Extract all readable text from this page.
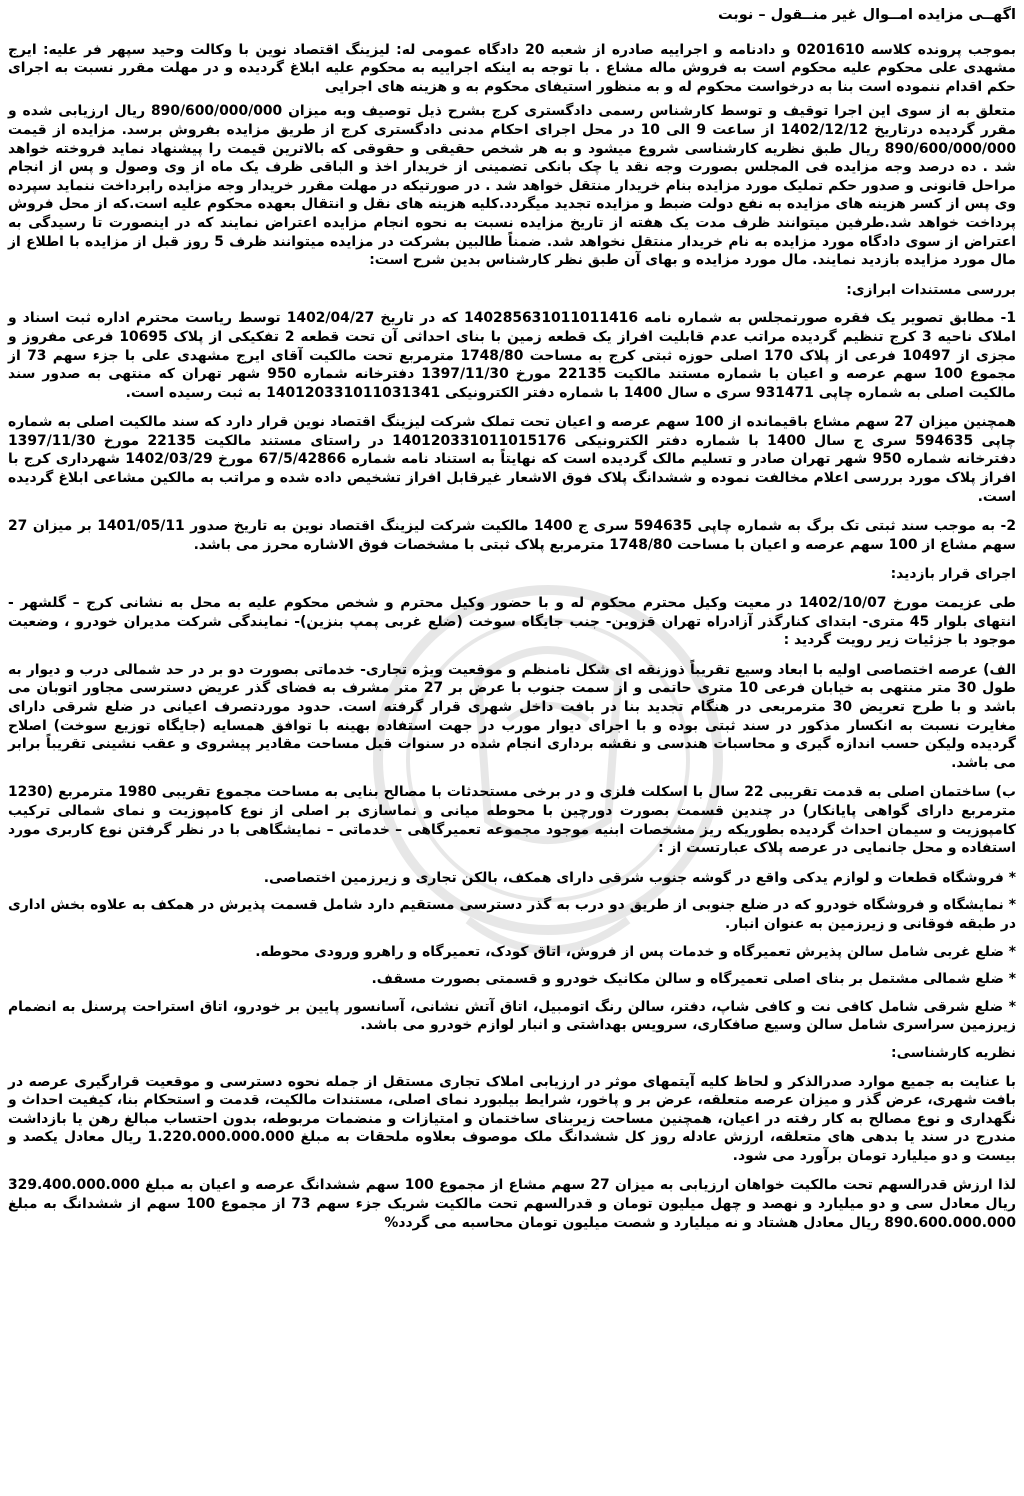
اگهــی مزایده امــوال غیر منــقول – نوبت

بموجب پرونده کلاسه 0201610 و دادنامه و اجراییه صادره از شعبه 20 دادگاه عمومی له: لیزینگ اقتصاد نوین با وکالت وحید سپهر فر علیه: ایرج مشهدی علی محکوم علیه محکوم است به فروش ماله مشاع . با توجه به اینکه اجراییه به محکوم علیه ابلاغ گردیده و در مهلت مقرر نسبت به اجرای حکم اقدام ننموده است بنا به درخواست محکوم له و به منظور استیفای محکوم به و هزینه های اجرایی

متعلق به از سوی این اجرا توقیف و توسط کارشناس رسمی دادگستری کرج بشرح ذیل توصیف وبه میزان 890/600/000/000 ریال ارزیابی شده و مقرر گردیده درتاریخ 1402/12/12 از ساعت 9 الی 10 در محل اجرای احکام مدنی دادگستری کرج از طریق مزایده بفروش برسد. مزایده از قیمت 890/600/000/000 ریال طبق نظریه کارشناسی شروع میشود و به هر شخص حقیقی و حقوقی که بالاترین قیمت را پیشنهاد نماید فروخته خواهد شد . ده درصد وجه مزایده فی المجلس بصورت وجه نقد یا چک بانکی تضمینی از خریدار اخذ و الباقی ظرف یک ماه از وی وصول و پس از انجام مراحل قانونی و صدور حکم تملیک مورد مزایده بنام خریدار منتقل خواهد شد . در صورتیکه در مهلت مقرر خریدار وجه مزایده رابرداخت ننماید سپرده وی پس از کسر هزینه های مزایده به نفع دولت ضبط و مزایده تجدید میگردد.کلیه هزینه های نقل و انتقال بعهده محکوم علیه است.که از محل فروش پرداخت خواهد شد.طرفین میتوانند ظرف مدت یک هفته از تاریخ مزایده نسبت به نحوه انجام مزایده اعتراض نمایند که در اینصورت تا رسیدگی به اعتراض از سوی دادگاه مورد مزایده به نام خریدار منتقل نخواهد شد. ضمناً طالبین بشرکت در مزایده میتوانند ظرف 5 روز قبل از مزایده با اطلاع از مال مورد مزایده بازدید نمایند. مال مورد مزایده و بهای آن طبق نظر کارشناس بدین شرح است:

بررسی مستندات ابرازی:

1- مطابق تصویر یک فقره صورتمجلس به شماره نامه 140285631011011416 که در تاریخ 1402/04/27 توسط ریاست محترم اداره ثبت اسناد و املاک ناحیه 3 کرج تنظیم گردیده مراتب عدم قابلیت افراز یک قطعه زمین با بنای احداثی آن تحت قطعه 2 تفکیکی از پلاک 10695 فرعی مفروز و مجزی از 10497 فرعی از پلاک 170 اصلی حوزه ثبتی کرج به مساحت 1748/80 مترمربع تحت مالکیت آقای ایرج مشهدی علی با جزء سهم 73 از مجموع 100 سهم عرصه و اعیان با شماره مستند مالکیت 22135 مورخ 1397/11/30 دفترخانه شماره 950 شهر تهران که منتهی به صدور سند مالکیت اصلی به شماره چاپی 931471 سری ه سال 1400 با شماره دفتر الکترونیکی 140120331011031341 به ثبت رسیده است.

همچنین میزان 27 سهم مشاع باقیمانده از 100 سهم عرصه و اعیان تحت تملک شرکت لیزینگ اقتصاد نوین قرار دارد که سند مالکیت اصلی به شماره چاپی 594635 سری ج سال 1400 با شماره دفتر الکترونیکی 140120331011015176 در راستای مستند مالکیت 22135 مورخ 1397/11/30 دفترخانه شماره 950 شهر تهران صادر و تسلیم مالک گردیده است که نهایتاً به استناد نامه شماره 67/5/42866 مورخ 1402/03/29 شهرداری کرج با افراز پلاک مورد بررسی اعلام مخالفت نموده و ششدانگ پلاک فوق الاشعار غیرقابل افراز تشخیص داده شده و مراتب به مالکین مشاعی ابلاغ گردیده است.

2- به موجب سند ثبتی تک برگ به شماره چاپی 594635 سری ج 1400 مالکیت شرکت لیزینگ اقتصاد نوین به تاریخ صدور 1401/05/11 بر میزان 27 سهم مشاع از 100 سهم عرصه و اعیان با مساحت 1748/80 مترمربع پلاک ثبتی با مشخصات فوق الاشاره محرز می باشد.

اجرای قرار بازدید:

طی عزیمت مورخ 1402/10/07 در معیت وکیل محترم محکوم له و با حضور وکیل محترم و شخص محکوم علیه به محل به نشانی کرج – گلشهر - انتهای بلوار 45 متری- ابتدای کنارگذر آزادراه تهران قزوین- جنب جایگاه سوخت (ضلع غربی پمپ بنزین)- نمایندگی شرکت مدیران خودرو ، وضعیت موجود با جزئیات زیر رویت گردید :

الف) عرصه اختصاصی اولیه با ابعاد وسیع تقریباً ذوزنقه ای شکل نامنظم و موقعیت ویژه تجاری- خدماتی بصورت دو بر در حد شمالی درب و دیوار به طول 30 متر منتهی به خیابان فرعی 10 متری حاتمی و از سمت جنوب با عرض بر 27 متر مشرف به فضای گذر عریض دسترسی مجاور اتوبان می باشد و با طرح تعریض 30 مترمربعی در هنگام تجدید بنا در بافت داخل شهری قرار گرفته است. حدود موردتصرف اعیانی در ضلع شرقی دارای مغایرت نسبت به انکسار مذکور در سند ثبتی بوده و با اجرای دیوار مورب در جهت استفاده بهینه با توافق همسایه (جایگاه توزیع سوخت) اصلاح گردیده ولیکن حسب اندازه گیری و محاسبات هندسی و نقشه برداری انجام شده در سنوات قبل مساحت مقادیر پیشروی و عقب نشینی تقریباً برابر می باشد.

ب) ساختمان اصلی به قدمت تقریبی 22 سال با اسکلت فلزی و در برخی مستحدثات با مصالح بنایی به مساحت مجموع تقریبی 1980 مترمربع (1230 مترمربع دارای گواهی پایانکار) در چندین قسمت بصورت دورچین با محوطه میانی و نماسازی بر اصلی از نوع کامپوزیت و نمای شمالی ترکیب کامپوزیت و سیمان احداث گردیده بطوریکه ریز مشخصات ابنیه موجود مجموعه تعمیرگاهی – خدماتی – نمایشگاهی با در نظر گرفتن نوع کاربری مورد استفاده و محل جانمایی در عرصه پلاک عبارتست از :

* فروشگاه قطعات و لوازم یدکی واقع در گوشه جنوب شرقی دارای همکف، بالکن تجاری و زیرزمین اختصاصی.

* نمایشگاه و فروشگاه خودرو که در ضلع جنوبی از طریق دو درب به گذر دسترسی مستقیم دارد شامل قسمت پذیرش در همکف به علاوه بخش اداری در طبقه فوقانی و زیرزمین به عنوان انبار.

* ضلع غربی شامل سالن پذیرش تعمیرگاه و خدمات پس از فروش، اتاق کودک، تعمیرگاه و راهرو ورودی محوطه.

* ضلع شمالی مشتمل بر بنای اصلی تعمیرگاه و سالن مکانیک خودرو و قسمتی بصورت مسقف.

* ضلع شرقی شامل کافی نت و کافی شاپ، دفتر، سالن رنگ اتومبیل، اتاق آتش نشانی، آسانسور پایین بر خودرو، اتاق استراحت پرسنل به انضمام زیرزمین سراسری شامل سالن وسیع صافکاری، سرویس بهداشتی و انبار لوازم خودرو می باشد.

نظریه کارشناسی:

با عنایت به جمیع موارد صدرالذکر و لحاظ کلیه آیتمهای موثر در ارزیابی املاک تجاری مستقل از جمله نحوه دسترسی و موقعیت قرارگیری عرصه در بافت شهری، عرض گذر و میزان عرصه متعلقه، عرض بر و پاخور، شرایط بیلبورد نمای اصلی، مستندات مالکیت، قدمت و استحکام بنا، کیفیت احداث و نگهداری و نوع مصالح به کار رفته در اعیان، همچنین مساحت زیربنای ساختمان و امتیازات و منضمات مربوطه، بدون احتساب مبالغ رهن یا بازداشت مندرج در سند یا بدهی های متعلقه، ارزش عادله روز کل ششدانگ ملک موصوف بعلاوه ملحقات به مبلغ 1.220.000.000.000 ریال معادل یکصد و بیست و دو میلیارد تومان برآورد می شود.

لذا ارزش قدرالسهم تحت مالکیت خواهان ارزیابی به میزان 27 سهم مشاع از مجموع 100 سهم ششدانگ عرصه و اعیان به مبلغ 329.400.000.000 ریال معادل سی و دو میلیارد و نهصد و چهل میلیون تومان و قدرالسهم تحت مالکیت شریک جزء سهم 73 از مجموع 100 سهم از ششدانگ به مبلغ 890.600.000.000 ریال معادل هشتاد و نه میلیارد و شصت میلیون تومان محاسبه می گردد%
